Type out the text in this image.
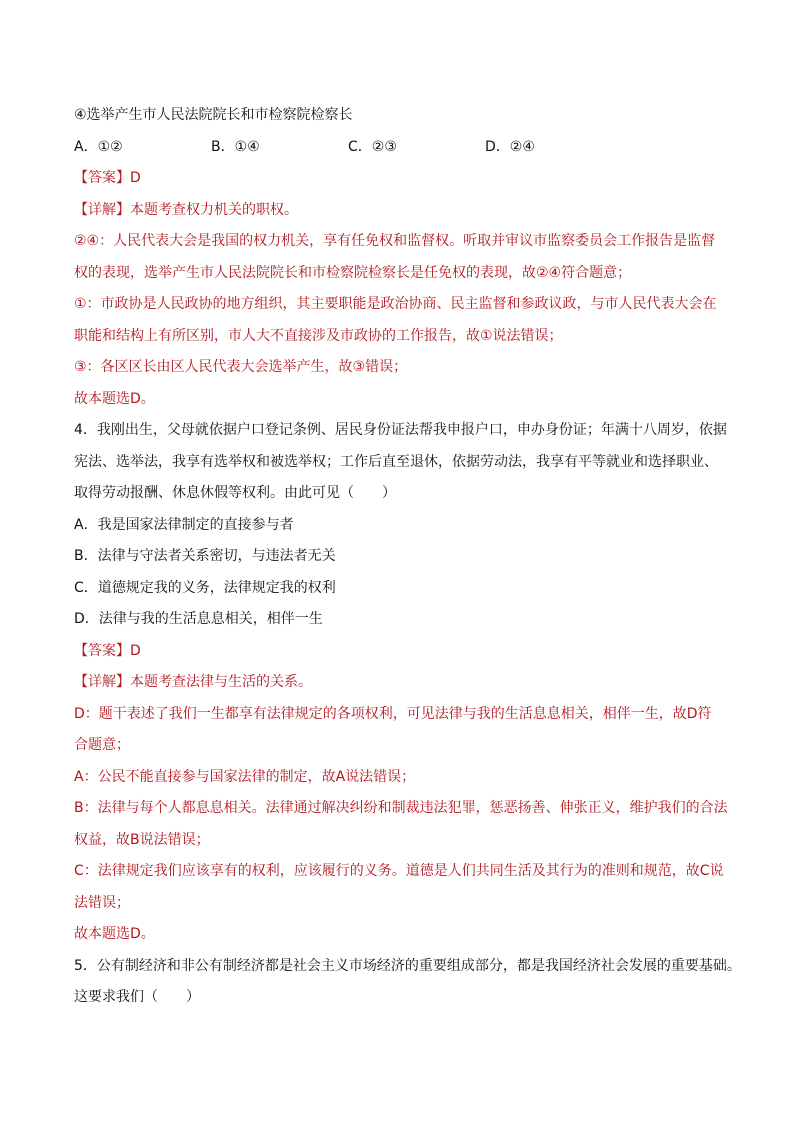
④选举产生市人民法院院长和市检察院检察长
A．①②	B．①④	C．②③	D．②④
【答案】D
【详解】本题考查权力机关的职权。
②④：人民代表大会是我国的权力机关，享有任免权和监督权。听取并审议市监察委员会工作报告是监督
权的表现，选举产生市人民法院院长和市检察院检察长是任免权的表现，故②④符合题意；
①：市政协是人民政协的地方组织，其主要职能是政治协商、民主监督和参政议政，与市人民代表大会在
职能和结构上有所区别，市人大不直接涉及市政协的工作报告，故①说法错误；
③：各区区长由区人民代表大会选举产生，故③错误；
故本题选D。
4．我刚出生，父母就依据户口登记条例、居民身份证法帮我申报户口，申办身份证；年满十八周岁，依据
宪法、选举法，我享有选举权和被选举权；工作后直至退休，依据劳动法，我享有平等就业和选择职业、
取得劳动报酬、休息休假等权利。由此可见（　　）
A．我是国家法律制定的直接参与者
B．法律与守法者关系密切，与违法者无关
C．道德规定我的义务，法律规定我的权利
D．法律与我的生活息息相关，相伴一生
【答案】D
【详解】本题考查法律与生活的关系。
D：题干表述了我们一生都享有法律规定的各项权利，可见法律与我的生活息息相关，相伴一生，故D符
合题意；
A：公民不能直接参与国家法律的制定，故A说法错误；
B：法律与每个人都息息相关。法律通过解决纠纷和制裁违法犯罪，惩恶扬善、伸张正义，维护我们的合法
权益，故B说法错误；
C：法律规定我们应该享有的权利，应该履行的义务。道德是人们共同生活及其行为的准则和规范，故C说
法错误；
故本题选D。
5．公有制经济和非公有制经济都是社会主义市场经济的重要组成部分，都是我国经济社会发展的重要基础。
这要求我们（　　）
